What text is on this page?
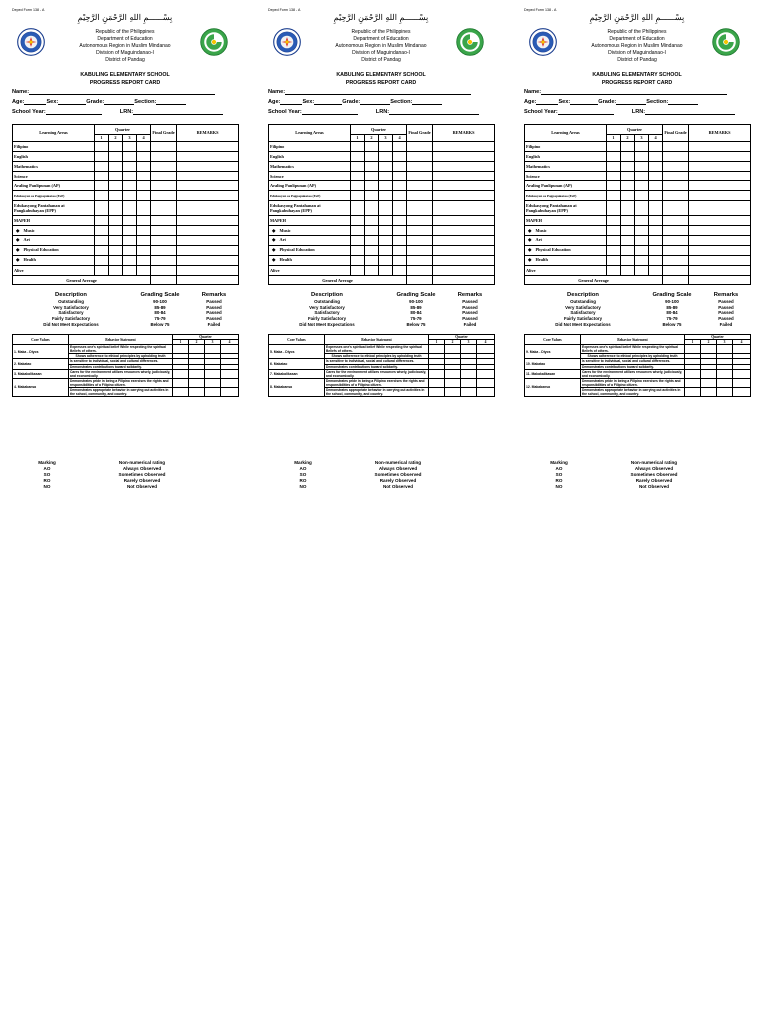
Deped Form 138 - A
بِسْــــــمِ اللهِ الرَّحْمَنِ الرَّحِيْمِ
Republic of the Philippines
Department of Education
Autonomous Region in Muslim Mindanao
Division of Maguindanao-I
District of Pandag
KABULING ELEMENTARY SCHOOL
PROGRESS REPORT CARD
Name:
Age:	Sex:	Grade:	Section:
School Year:	LRN:
Learning Areas	Quarter				Final Grade	REMARKS
	1	2	3	4		
Filipino						
English						
Mathematics						
Science						
Araling Panlipunan (AP)						
Edukasyon sa Pagpapakatao (EsP)						
Edukasyong Pantahanan at Pangkabuhayan (EPP)						
MAPEH						
◆ Music						
◆ Art						
◆ Physical Education						
◆ Health						
Alive						
General Average						
Description	Grading Scale	Remarks
Outstanding	90-100	Passed
Very Satisfactory	85-89	Passed
Satisfactory	80-84	Passed
Fairly Satisfactory	75-79	Passed
Did Not Meet Expectations	Below 75	Failed
Core Values	Behavior Statement	Quarter			
		1	2	3	4
1. Maka - Diyos	Expresses one's spiritual belief While respecting the spiritual Beliefs of others.				
	Shows adherence to ethical principles by upholding truth				
2. Makatao	Is sensitive to individual, social and cultural differences.				
	Demonstrates contributions toward solidarity.				
3. Makakalikasan	Cares for the environment utilizes resources wisely, judiciously, and economically.				
4. Makabansa	Demonstrates pride in being a Filipino exercises the rights and responsibilities of a Filipino citizen.				
	Demonstrates appropriate behavior in carrying out activities in the school, community, and country.				
Marking	Non-numerical rating
AO	Always Observed
SO	Sometimes Observed
RO	Rarely Observed
NO	Not Observed
Deped Form 138 - A
بِسْــــــمِ اللهِ الرَّحْمَنِ الرَّحِيْمِ
Republic of the Philippines
Department of Education
Autonomous Region in Muslim Mindanao
Division of Maguindanao-I
District of Pandag
KABULING ELEMENTARY SCHOOL
PROGRESS REPORT CARD
Name:
Age:	Sex:	Grade:	Section:
School Year:	LRN:
Learning Areas	Quarter				Final Grade	REMARKS
	1	2	3	4		
Filipino						
English						
Mathematics						
Science						
Araling Panlipunan (AP)						
Edukasyon sa Pagpapakatao (EsP)						
Edukasyong Pantahanan at Pangkabuhayan (EPP)						
MAPEH						
◆ Music						
◆ Art						
◆ Physical Education						
◆ Health						
Alive						
General Average						
Description	Grading Scale	Remarks
Outstanding	90-100	Passed
Very Satisfactory	85-89	Passed
Satisfactory	80-84	Passed
Fairly Satisfactory	75-79	Passed
Did Not Meet Expectations	Below 75	Failed
Core Values	Behavior Statement	Quarter			
		1	2	3	4
5. Maka - Diyos	Expresses one's spiritual belief While respecting the spiritual Beliefs of others.				
	Shows adherence to ethical principles by upholding truth				
6. Makatao	Is sensitive to individual, social and cultural differences.				
	Demonstrates contributions toward solidarity.				
7. Makakalikasan	Cares for the environment utilizes resources wisely, judiciously, and economically.				
8. Makabansa	Demonstrates pride in being a Filipino exercises the rights and responsibilities of a Filipino citizen.				
	Demonstrates appropriate behavior in carrying out activities in the school, community, and country.				
Marking	Non-numerical rating
AO	Always Observed
SO	Sometimes Observed
RO	Rarely Observed
NO	Not Observed
Deped Form 138 - A
بِسْــــــمِ اللهِ الرَّحْمَنِ الرَّحِيْمِ
Republic of the Philippines
Department of Education
Autonomous Region in Muslim Mindanao
Division of Maguindanao-I
District of Pandag
KABULING ELEMENTARY SCHOOL
PROGRESS REPORT CARD
Name:
Age:	Sex:	Grade:	Section:
School Year:	LRN:
Learning Areas	Quarter				Final Grade	REMARKS
	1	2	3	4		
Filipino						
English						
Mathematics						
Science						
Araling Panlipunan (AP)						
Edukasyon sa Pagpapakatao (EsP)						
Edukasyong Pantahanan at Pangkabuhayan (EPP)						
MAPEH						
◆ Music						
◆ Art						
◆ Physical Education						
◆ Health						
Alive						
General Average						
Description	Grading Scale	Remarks
Outstanding	90-100	Passed
Very Satisfactory	85-89	Passed
Satisfactory	80-84	Passed
Fairly Satisfactory	75-79	Passed
Did Not Meet Expectations	Below 75	Failed
Core Values	Behavior Statement	Quarter			
		1	2	3	4
9. Maka - Diyos	Expresses one's spiritual belief While respecting the spiritual Beliefs of others.				
	Shows adherence to ethical principles by upholding truth				
10. Makatao	Is sensitive to individual, social and cultural differences.				
	Demonstrates contributions toward solidarity.				
11. Makakalikasan	Cares for the environment utilizes resources wisely, judiciously, and economically.				
12. Makabansa	Demonstrates pride in being a Filipino exercises the rights and responsibilities of a Filipino citizen.				
	Demonstrates appropriate behavior in carrying out activities in the school, community, and country.				
Marking	Non-numerical rating
AO	Always Observed
SO	Sometimes Observed
RO	Rarely Observed
NO	Not Observed
